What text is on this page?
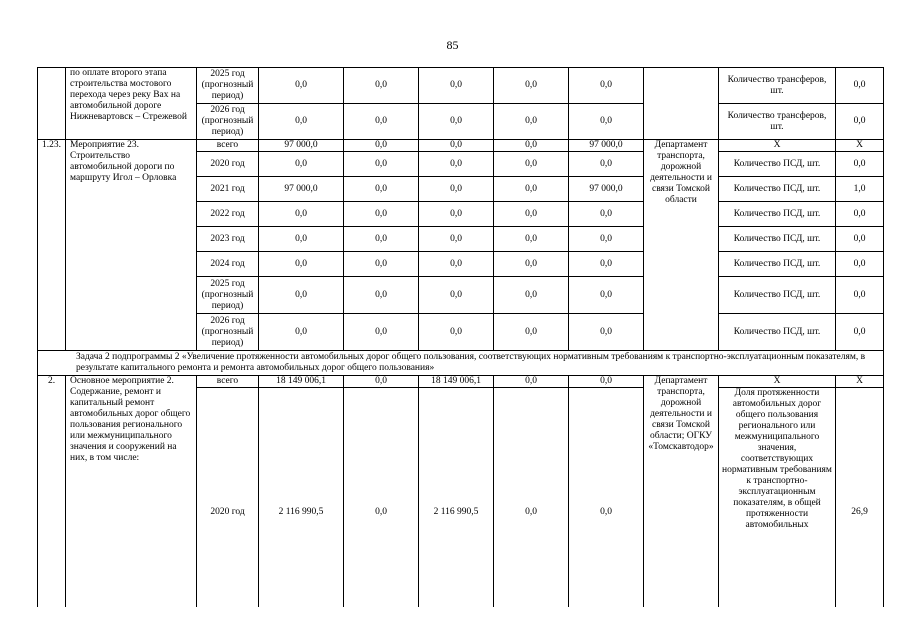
85
	по оплате второго этапа строительства мостового перехода через реку Вах на автомобильной дороге Нижневартовск – Стрежевой	2025 год (прогнозный период)	0,0	0,0	0,0	0,0	0,0		Количество трансферов, шт.	0,0
		2026 год (прогнозный период)	0,0	0,0	0,0	0,0	0,0		Количество трансферов, шт.	0,0
1.23.	Мероприятие 23. Строительство автомобильной дороги по маршруту Игол – Орловка	всего	97 000,0	0,0	0,0	0,0	97 000,0	Департамент транспорта, дорожной деятельности и связи Томской области	Х	Х
		2020 год	0,0	0,0	0,0	0,0	0,0		Количество ПСД, шт.	0,0
		2021 год	97 000,0	0,0	0,0	0,0	97 000,0		Количество ПСД, шт.	1,0
		2022 год	0,0	0,0	0,0	0,0	0,0		Количество ПСД, шт.	0,0
		2023 год	0,0	0,0	0,0	0,0	0,0		Количество ПСД, шт.	0,0
		2024 год	0,0	0,0	0,0	0,0	0,0		Количество ПСД, шт.	0,0
		2025 год (прогнозный период)	0,0	0,0	0,0	0,0	0,0		Количество ПСД, шт.	0,0
		2026 год (прогнозный период)	0,0	0,0	0,0	0,0	0,0		Количество ПСД, шт.	0,0
Задача 2 подпрограммы 2 «Увеличение протяженности автомобильных дорог общего пользования, соответствующих нормативным требованиям к транспортно-эксплуатационным показателям, в результате капитального ремонта и ремонта автомобильных дорог общего пользования»										
2.	Основное мероприятие 2. Содержание, ремонт и капитальный ремонт автомобильных дорог общего пользования регионального или межмуниципального значения и сооружений на них, в том числе:	всего	18 149 006,1	0,0	18 149 006,1	0,0	0,0	Департамент транспорта, дорожной деятельности и связи Томской области; ОГКУ «Томскавтодор»	Х	Х
		2020 год	2 116 990,5	0,0	2 116 990,5	0,0	0,0		Доля протяженности автомобильных дорог общего пользования регионального или межмуниципального значения, соответствующих нормативным требованиям к транспортно-эксплуатационным показателям, в общей протяженности автомобильных	26,9
